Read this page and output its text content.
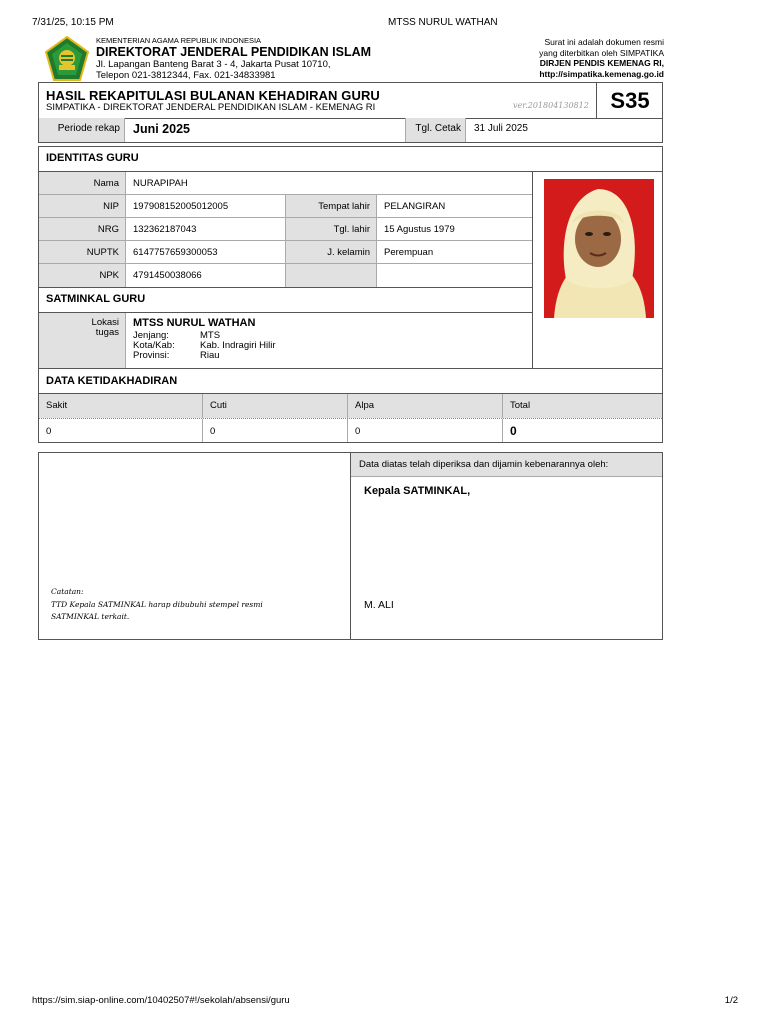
7/31/25, 10:15 PM	MTSS NURUL WATHAN
KEMENTERIAN AGAMA REPUBLIK INDONESIA
DIREKTORAT JENDERAL PENDIDIKAN ISLAM
Jl. Lapangan Banteng Barat 3 - 4, Jakarta Pusat 10710,
Telepon 021-3812344, Fax. 021-34833981
Surat ini adalah dokumen resmi
yang diterbitkan oleh SIMPATIKA
DIRJEN PENDIS KEMENAG RI,
http://simpatika.kemenag.go.id
HASIL REKAPITULASI BULANAN KEHADIRAN GURU
SIMPATIKA - DIREKTORAT JENDERAL PENDIDIKAN ISLAM - KEMENAG RI	ver.20180413081​2 S35
Periode rekap	Juni 2025	Tgl. Cetak	31 Juli 2025
IDENTITAS GURU
Nama	NURAPIPAH
NIP	197908152005012005	Tempat lahir	PELANGIRAN
NRG	132362187043	Tgl. lahir	15 Agustus 1979
NUPTK	6147757659300053	J. kelamin	Perempuan
NPK	4791450038066
SATMINKAL GURU
Lokasi
tugas
MTSS NURUL WATHAN
Jenjang:	MTS
Kota/Kab:	Kab. Indragiri Hilir
Provinsi:	Riau
DATA KETIDAKHADIRAN
Sakit	Cuti	Alpa	Total
0	0	0	0
Catatan:
TTD Kepala SATMINKAL harap dibubuhi stempel resmi
SATMINKAL terkait.
Data diatas telah diperiksa dan dijamin kebenarannya oleh:
Kepala SATMINKAL,
M. ALI
https://sim.siap-online.com/10402507#!/sekolah/absensi/guru	1/2
